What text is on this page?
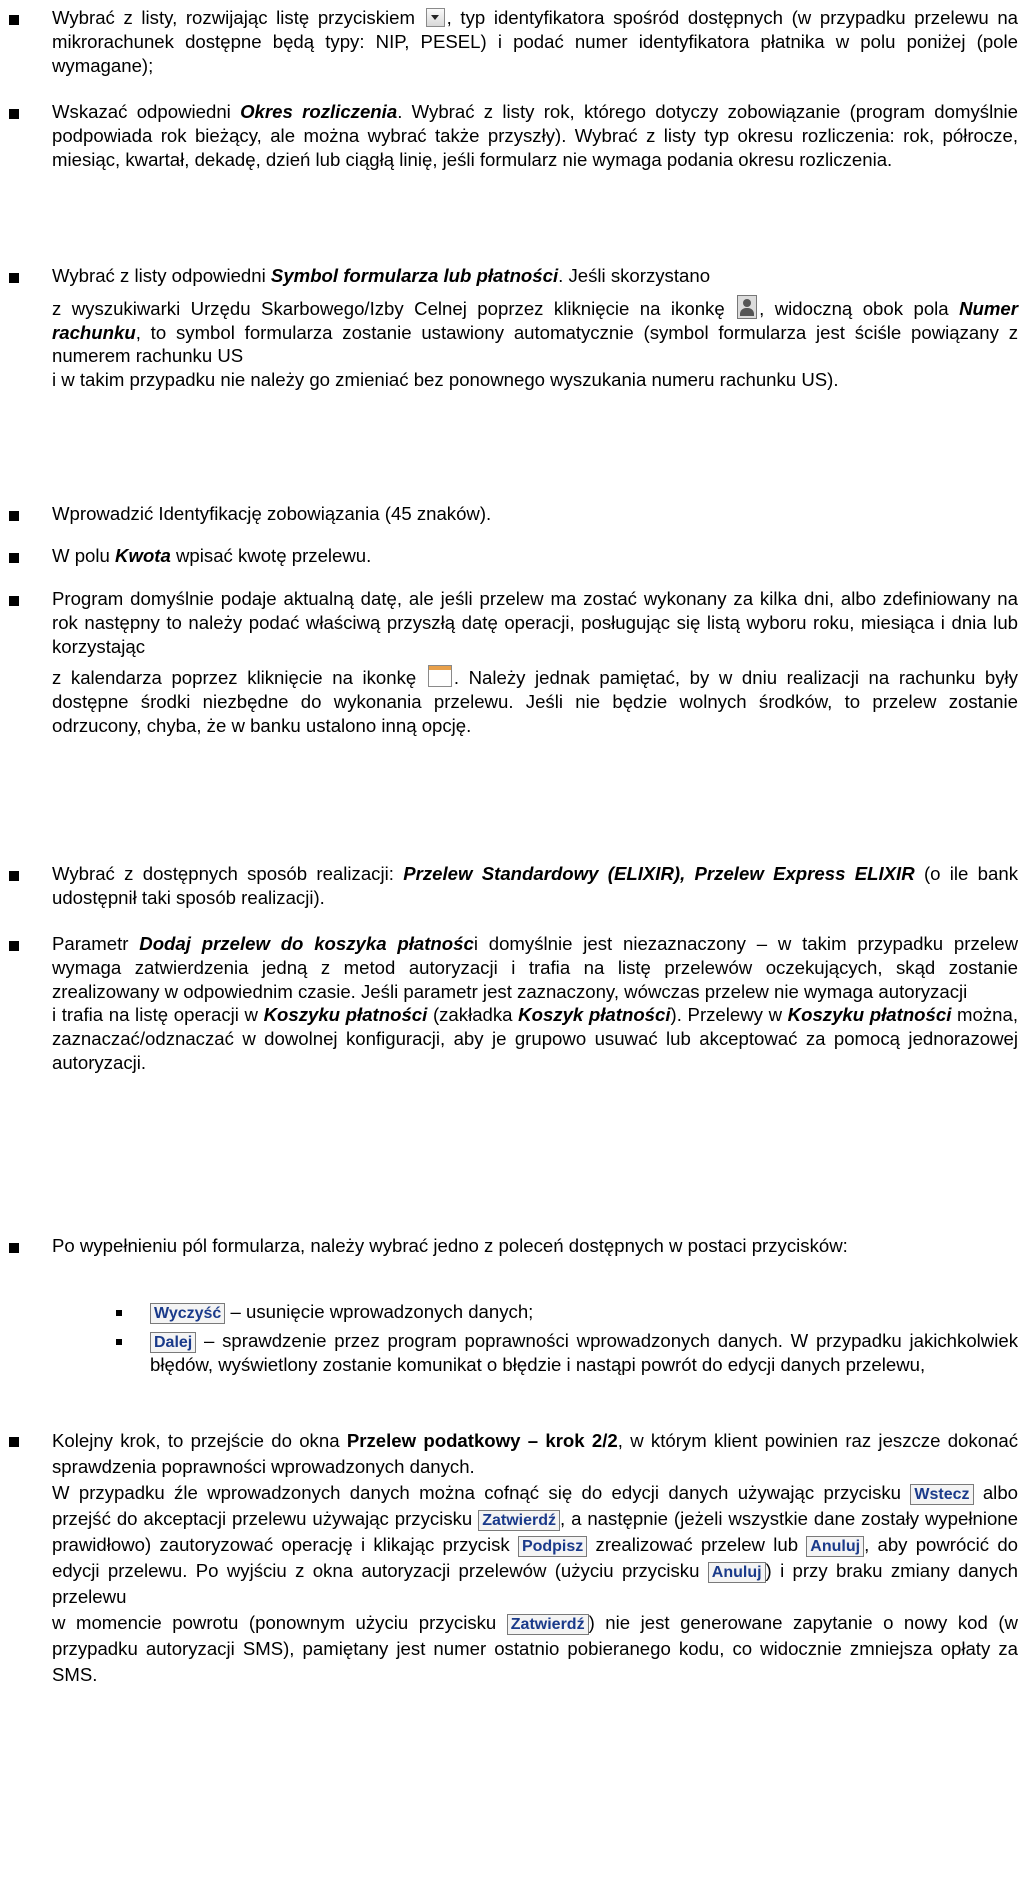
Wybrać z listy, rozwijając listę przyciskiem , typ identyfikatora spośród dostępnych (w przypadku przelewu na mikrorachunek dostępne będą typy: NIP, PESEL) i podać numer identyfikatora płatnika w polu poniżej (pole wymagane);

Wskazać odpowiedni Okres rozliczenia. Wybrać z listy rok, którego dotyczy zobowiązanie (program domyślnie podpowiada rok bieżący, ale można wybrać także przyszły). Wybrać z listy typ okresu rozliczenia: rok, półrocze, miesiąc, kwartał, dekadę, dzień lub ciągłą linię, jeśli formularz nie wymaga podania okresu rozliczenia.

Wybrać z listy odpowiedni Symbol formularza lub płatności. Jeśli skorzystano

z wyszukiwarki Urzędu Skarbowego/Izby Celnej poprzez kliknięcie na ikonkę , widoczną obok pola Numer rachunku, to symbol formularza zostanie ustawiony automatycznie (symbol formularza jest ściśle powiązany z numerem rachunku US

i w takim przypadku nie należy go zmieniać bez ponownego wyszukania numeru rachunku US).

Wprowadzić Identyfikację zobowiązania (45 znaków).

W polu Kwota wpisać kwotę przelewu.

Program domyślnie podaje aktualną datę, ale jeśli przelew ma zostać wykonany za kilka dni, albo zdefiniowany na rok następny to należy podać właściwą przyszłą datę operacji, posługując się listą wyboru roku, miesiąca i dnia lub korzystając

z kalendarza poprzez kliknięcie na ikonkę . Należy jednak pamiętać, by w dniu realizacji na rachunku były dostępne środki niezbędne do wykonania przelewu. Jeśli nie będzie wolnych środków, to przelew zostanie odrzucony, chyba, że w banku ustalono inną opcję.

Wybrać z dostępnych sposób realizacji: Przelew Standardowy (ELIXIR), Przelew Express ELIXIR (o ile bank udostępnił taki sposób realizacji).

Parametr Dodaj przelew do koszyka płatności domyślnie jest niezaznaczony – w takim przypadku przelew wymaga zatwierdzenia jedną z metod autoryzacji i trafia na listę przelewów oczekujących, skąd zostanie zrealizowany w odpowiednim czasie. Jeśli parametr jest zaznaczony, wówczas przelew nie wymaga autoryzacji

i trafia na listę operacji w Koszyku płatności (zakładka Koszyk płatności). Przelewy w Koszyku płatności można, zaznaczać/odznaczać w dowolnej konfiguracji, aby je grupowo usuwać lub akceptować za pomocą jednorazowej autoryzacji.

Po wypełnieniu pól formularza, należy wybrać jedno z poleceń dostępnych w postaci przycisków:

Wyczyść – usunięcie wprowadzonych danych;

Dalej – sprawdzenie przez program poprawności wprowadzonych danych. W przypadku jakichkolwiek błędów, wyświetlony zostanie komunikat o błędzie i nastąpi powrót do edycji danych przelewu,

Kolejny krok, to przejście do okna Przelew podatkowy – krok 2/2, w którym klient powinien raz jeszcze dokonać sprawdzenia poprawności wprowadzonych danych.

W przypadku źle wprowadzonych danych można cofnąć się do edycji danych używając przycisku Wstecz albo przejść do akceptacji przelewu używając przycisku Zatwierdź , a następnie (jeżeli wszystkie dane zostały wypełnione prawidłowo) zautoryzować operację i klikając przycisk Podpisz zrealizować przelew lub Anuluj , aby powrócić do edycji przelewu. Po wyjściu z okna autoryzacji przelewów (użyciu przycisku Anuluj ) i przy braku zmiany danych przelewu

w momencie powrotu (ponownym użyciu przycisku Zatwierdź ) nie jest generowane zapytanie o nowy kod (w przypadku autoryzacji SMS), pamiętany jest numer ostatnio pobieranego kodu, co widocznie zmniejsza opłaty za SMS.
